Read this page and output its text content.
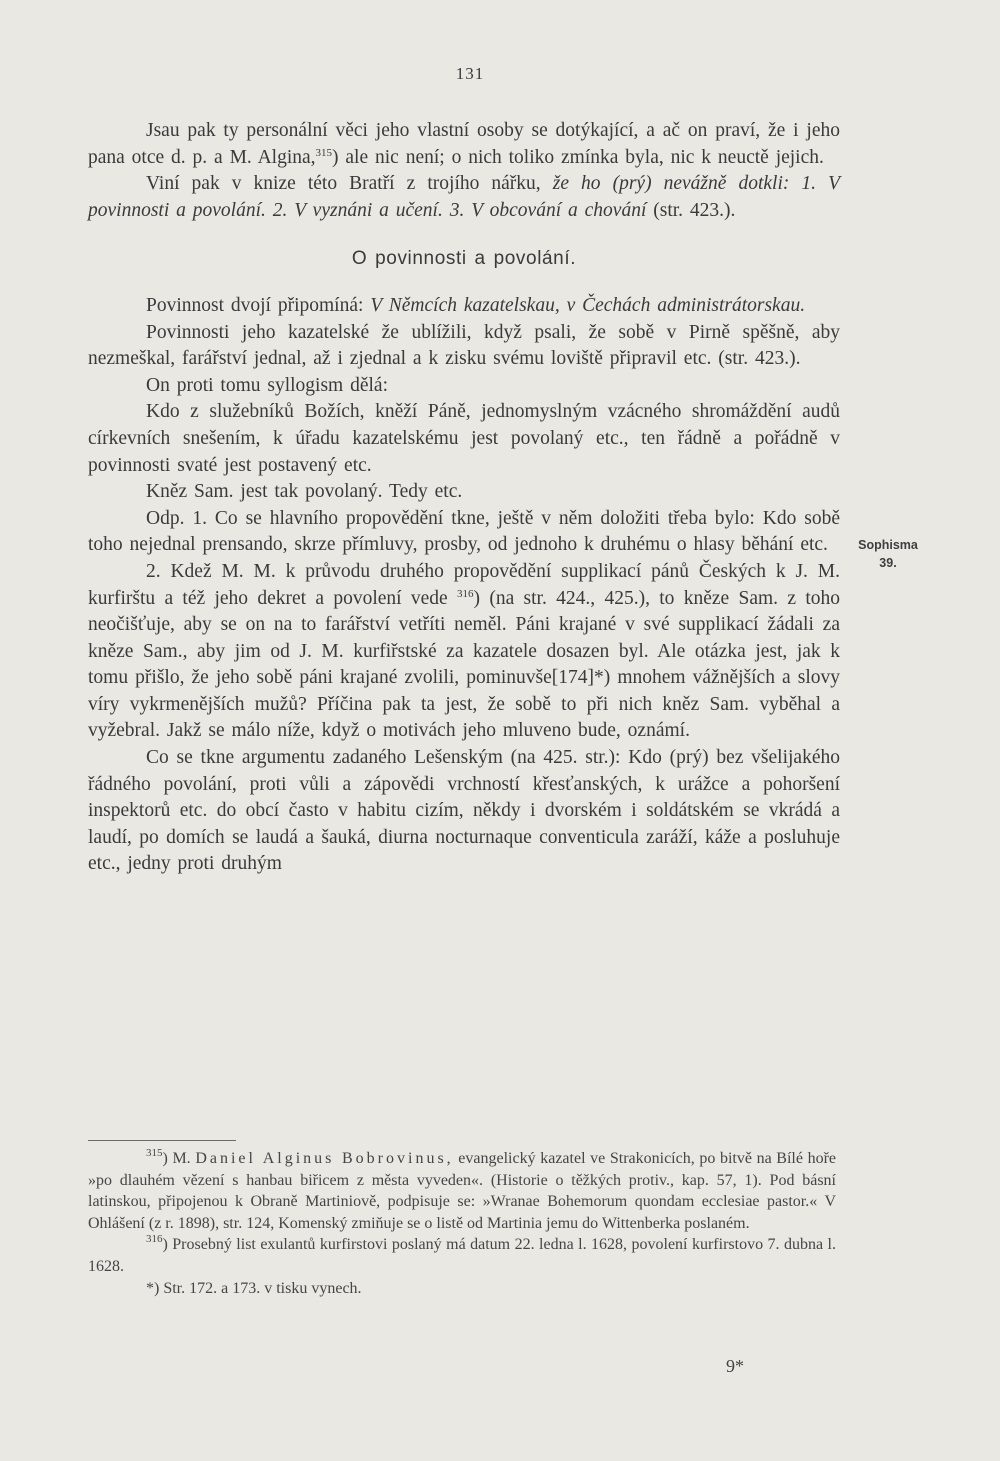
131

Jsau pak ty personální věci jeho vlastní osoby se dotýkající, a ač on praví, že i jeho pana otce d. p. a M. Algina,$^{315}$) ale nic není; o nich toliko zmínka byla, nic k neuctě jejich.

Viní pak v knize této Bratří z trojího nářku, že ho (prý) nevážně dotkli: 1. V povinnosti a povolání. 2. V vyznáni a učení. 3. V obcování a chování (str. 423.).

O povinnosti a povolání.

Povinnost dvojí připomíná: V Němcích kazatelskau, v Čechách administrátorskau.

Povinnosti jeho kazatelské že ublížili, když psali, že sobě v Pirně spěšně, aby nezmeškal, farářství jednal, až i zjednal a k zisku svému loviště připravil etc. (str. 423.).

On proti tomu syllogism dělá:

Kdo z služebníků Božích, kněží Páně, jednomyslným vzácného shromáždění audů církevních snešením, k úřadu kazatelskému jest povolaný etc., ten řádně a pořádně v povinnosti svaté jest postavený etc.

Kněz Sam. jest tak povolaný. Tedy etc.

Odp. 1. Co se hlavního propovědění tkne, ještě v něm doložiti třeba bylo: Kdo sobě toho nejednal prensando, skrze přímluvy, prosby, od jednoho k druhému o hlasy běhání etc.

2. Kdež M. M. k průvodu druhého propovědění supplikací pánů Českých k J. M. kurfirštu a též jeho dekret a povolení vede $^{316}$) (na str. 424., 425.), to kněze Sam. z toho neočišťuje, aby se on na to farářství vetříti neměl. Páni krajané v své supplikací žádali za kněze Sam., aby jim od J. M. kurfiřstské za kazatele dosazen byl. Ale otázka jest, jak k tomu přišlo, že jeho sobě páni krajané zvolili, pominuvše[174]*) mnohem vážnějších a slovy víry vykrmenějších mužů? Příčina pak ta jest, že sobě to při nich kněz Sam. vyběhal a vyžebral. Jakž se málo níže, když o motivách jeho mluveno bude, oznámí.

Co se tkne argumentu zadaného Lešenským (na 425. str.): Kdo (prý) bez všelijakého řádného povolání, proti vůli a zápovědi vrchností křesťanských, k urážce a pohoršení inspektorů etc. do obcí často v habitu cizím, někdy i dvorském i soldátském se vkrádá a laudí, po domích se laudá a šauká, diurna nocturnaque conventicula zaráží, káže a posluhuje etc., jedny proti druhým

Sophisma
39.

$^{315}$) M. Daniel Alginus Bobrovinus, evangelický kazatel ve Strakonicích, po bitvě na Bílé hoře »po dlauhém vězení s hanbau biřicem z města vyveden«. (Historie o těžkých protiv., kap. 57, 1). Pod básní latinskou, připojenou k Obraně Martiniově, podpisuje se: »Wranae Bohemorum quondam ecclesiae pastor.« V Ohlášení (z r. 1898), str. 124, Komenský zmiňuje se o listě od Martinia jemu do Wittenberka poslaném.

$^{316}$) Prosebný list exulantů kurfirstovi poslaný má datum 22. ledna l. 1628, povolení kurfirstovo 7. dubna l. 1628.

*) Str. 172. a 173. v tisku vynech.

9*
